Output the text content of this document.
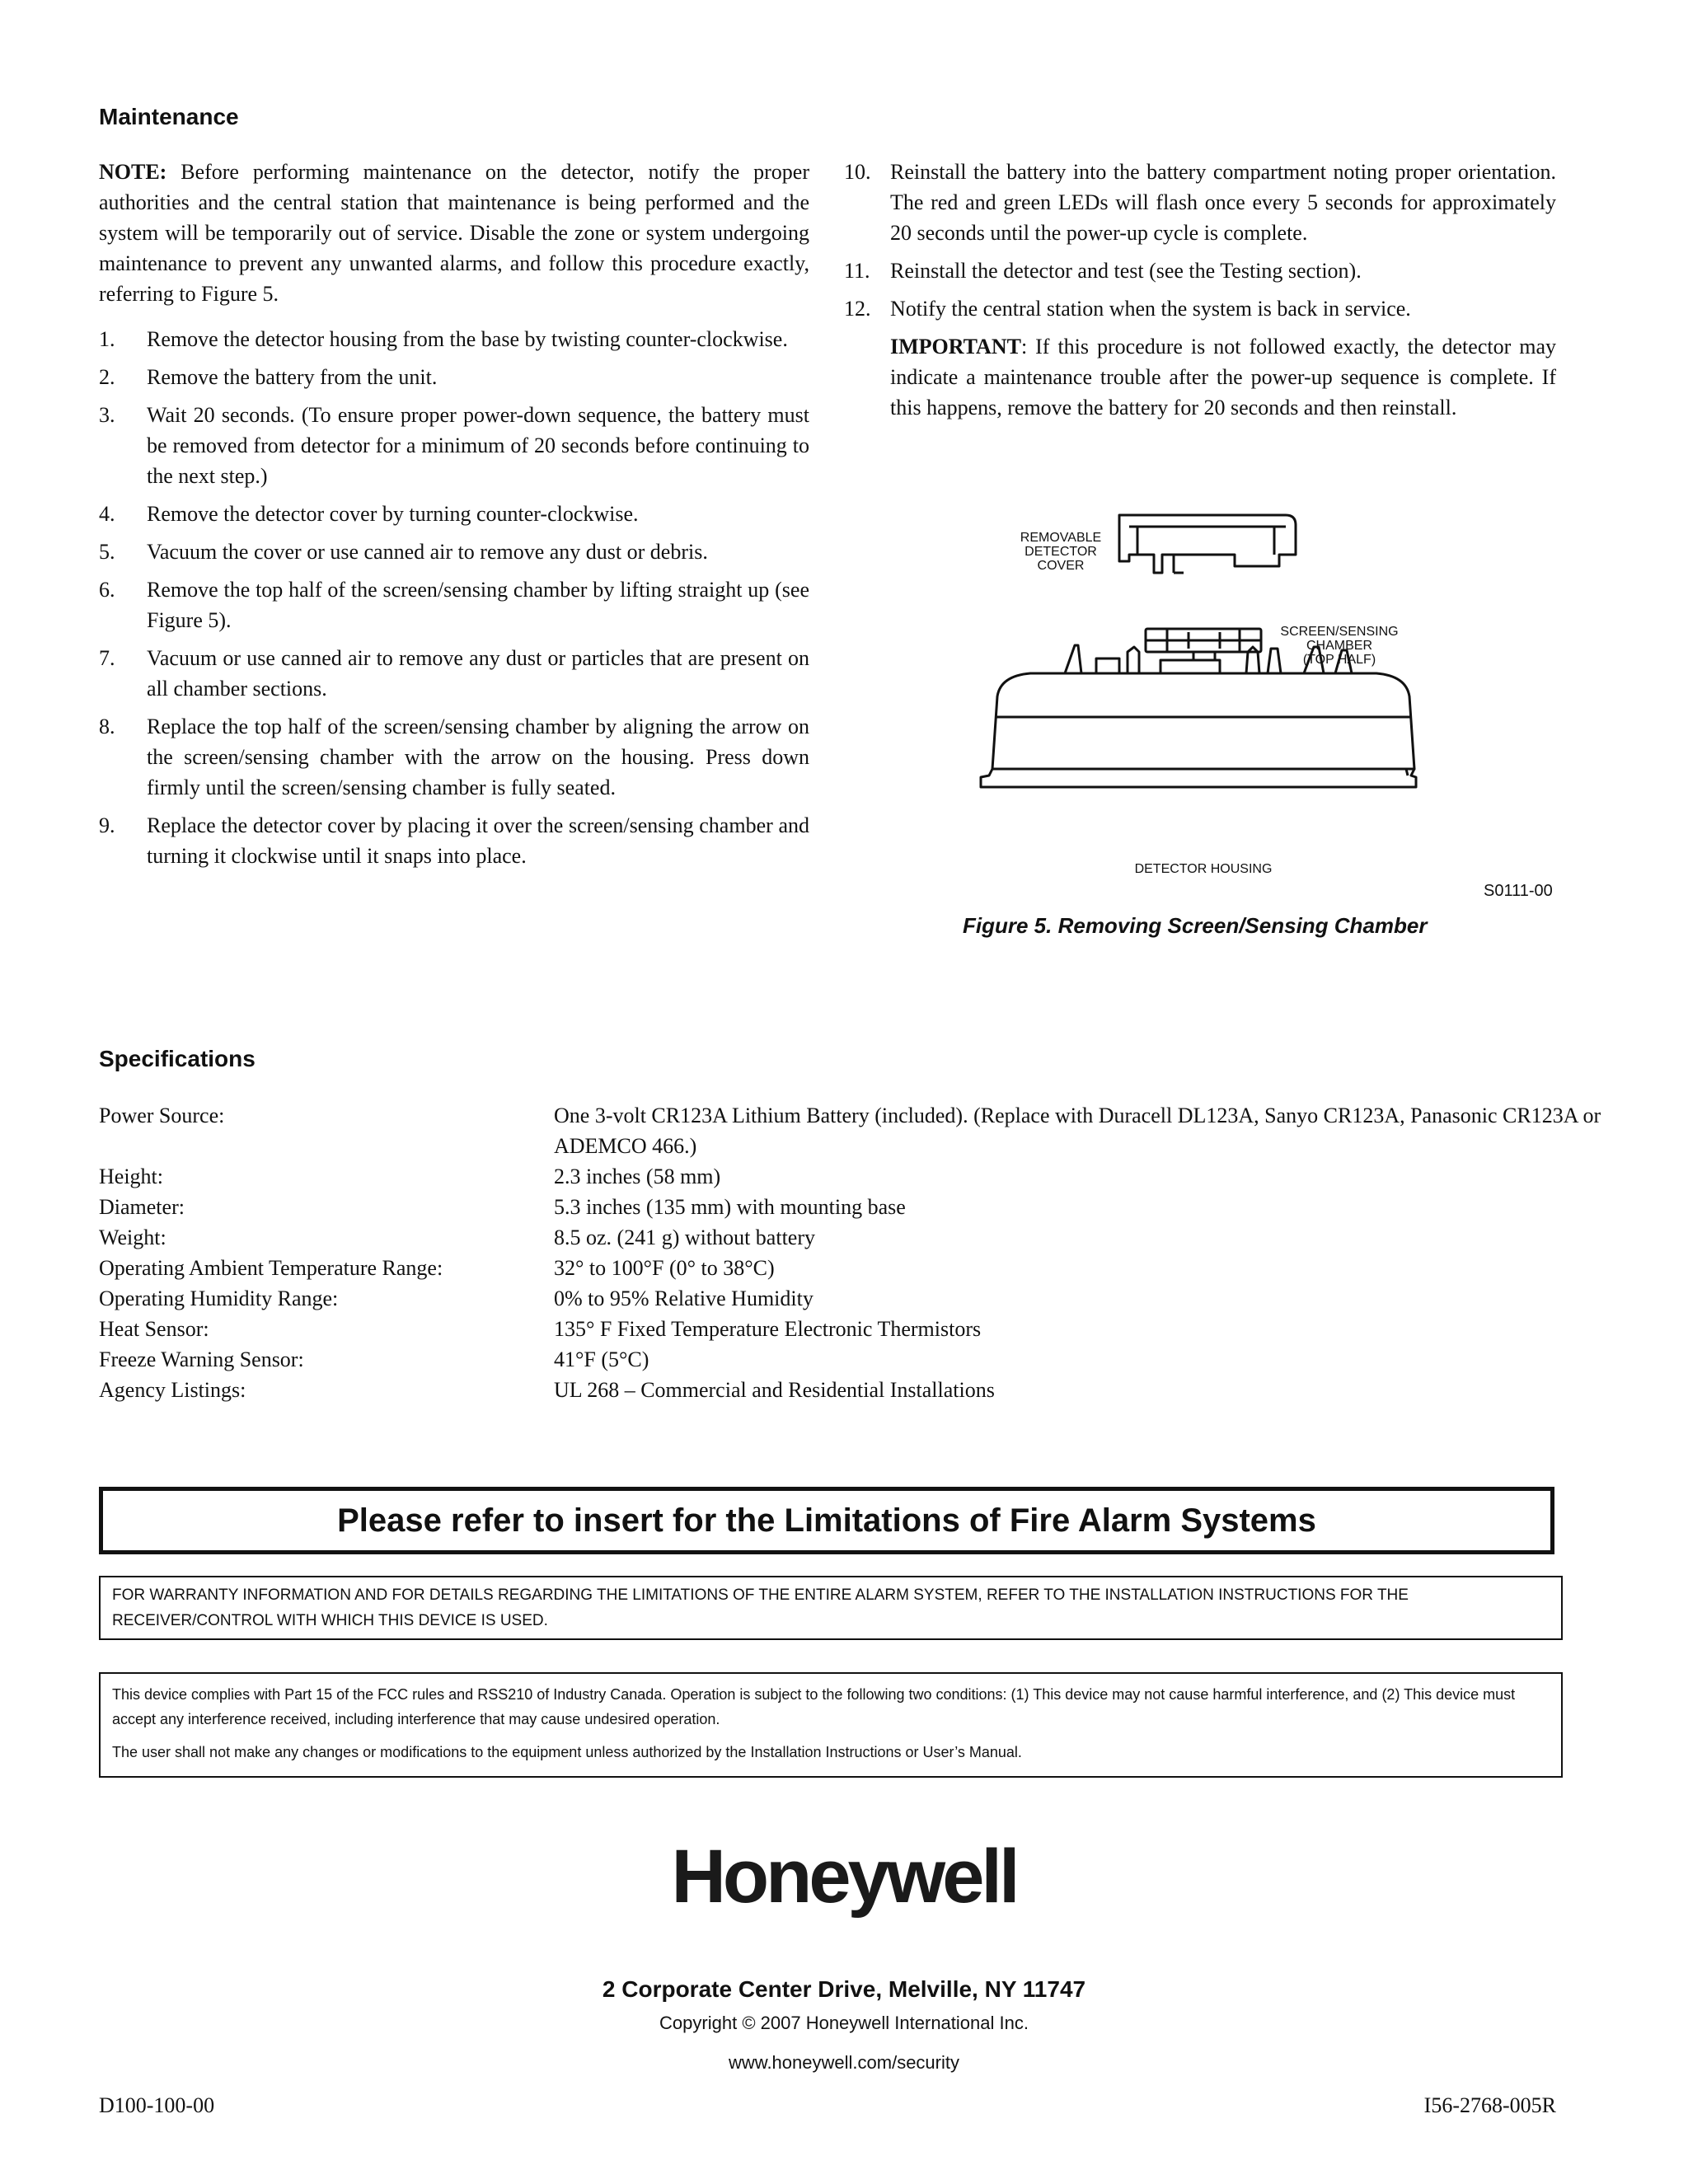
Maintenance

NOTE: Before performing maintenance on the detector, notify the proper authorities and the central station that maintenance is being performed and the system will be temporarily out of service. Disable the zone or system undergoing maintenance to prevent any unwanted alarms, and follow this procedure exactly, referring to Figure 5.

1. Remove the detector housing from the base by twisting counter-clockwise.
2. Remove the battery from the unit.
3. Wait 20 seconds. (To ensure proper power-down sequence, the battery must be removed from detector for a minimum of 20 seconds before continuing to the next step.)
4. Remove the detector cover by turning counter-clockwise.
5. Vacuum the cover or use canned air to remove any dust or debris.
6. Remove the top half of the screen/sensing chamber by lifting straight up (see Figure 5).
7. Vacuum or use canned air to remove any dust or particles that are present on all chamber sections.
8. Replace the top half of the screen/sensing chamber by aligning the arrow on the screen/sensing chamber with the arrow on the housing. Press down firmly until the screen/sensing chamber is fully seated.
9. Replace the detector cover by placing it over the screen/sensing chamber and turning it clockwise until it snaps into place.
10. Reinstall the battery into the battery compartment noting proper orientation. The red and green LEDs will flash once every 5 seconds for approximately 20 seconds until the power-up cycle is complete.
11. Reinstall the detector and test (see the Testing section).
12. Notify the central station when the system is back in service.

IMPORTANT: If this procedure is not followed exactly, the detector may indicate a maintenance trouble after the power-up sequence is complete. If this happens, remove the battery for 20 seconds and then reinstall.

REMOVABLE
DETECTOR
COVER
SCREEN/SENSING
CHAMBER
(TOP HALF)
DETECTOR HOUSING
S0111-00

Figure 5. Removing Screen/Sensing Chamber

Specifications
Power Source:	One 3-volt CR123A Lithium Battery (included). (Replace with Duracell DL123A, Sanyo CR123A, Panasonic CR123A or ADEMCO 466.)
Height:	2.3 inches (58 mm)
Diameter:	5.3 inches (135 mm) with mounting base
Weight:	8.5 oz. (241 g) without battery
Operating Ambient Temperature Range:	32° to 100°F (0° to 38°C)
Operating Humidity Range:	0% to 95% Relative Humidity
Heat Sensor:	135° F Fixed Temperature Electronic Thermistors
Freeze Warning Sensor:	41°F (5°C)
Agency Listings:	UL 268 – Commercial and Residential Installations
Please refer to insert for the Limitations of Fire Alarm Systems
FOR WARRANTY INFORMATION AND FOR DETAILS REGARDING THE LIMITATIONS OF THE ENTIRE ALARM SYSTEM, REFER TO THE INSTALLATION INSTRUCTIONS FOR THE RECEIVER/CONTROL WITH WHICH THIS DEVICE IS USED.

This device complies with Part 15 of the FCC rules and RSS210 of Industry Canada. Operation is subject to the following two conditions: (1) This device may not cause harmful interference, and (2) This device must accept any interference received, including interference that may cause undesired operation.

The user shall not make any changes or modifications to the equipment unless authorized by the Installation Instructions or User’s Manual.

Honeywell
2 Corporate Center Drive, Melville, NY 11747
Copyright © 2007 Honeywell International Inc.
www.honeywell.com/security
D100-100-00	I56-2768-005R
